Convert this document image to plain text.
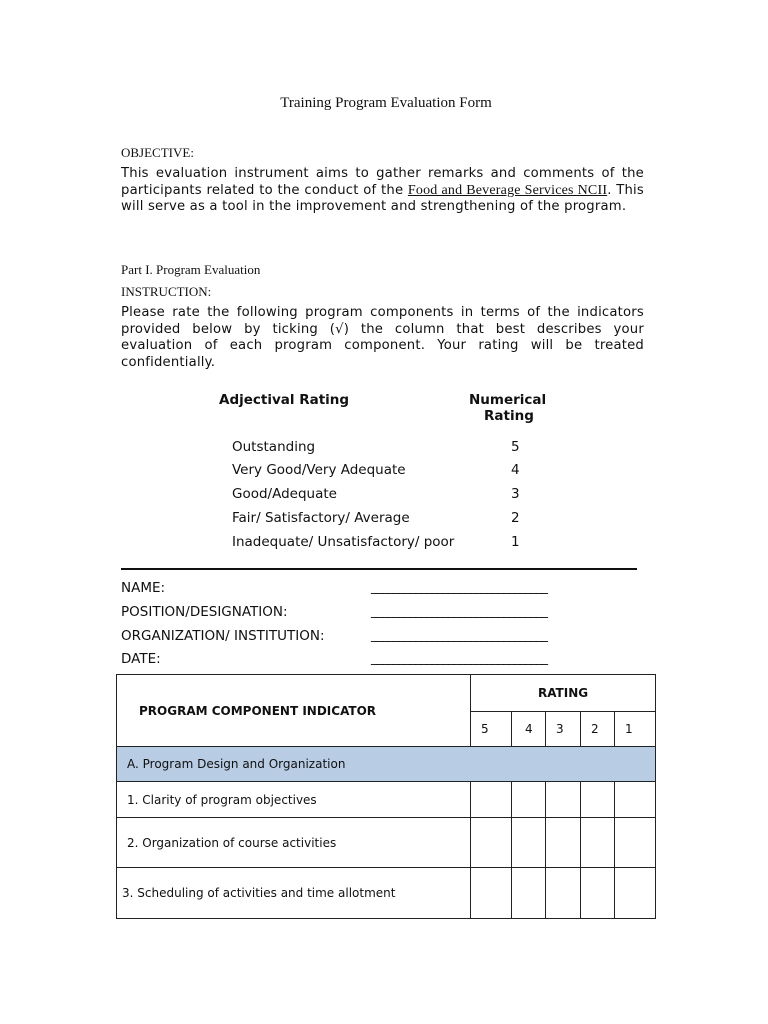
Training Program Evaluation Form
OBJECTIVE:
This evaluation instrument aims to gather remarks and comments of the participants related to the conduct of the Food and Beverage Services NCII. This will serve as a tool in the improvement and strengthening of the program.
Part I. Program Evaluation
INSTRUCTION:
Please rate the following program components in terms of the indicators provided below by ticking (√) the column that best describes your evaluation of each program component. Your rating will be treated confidentially.
Adjectival Rating	Numerical
Rating
Outstanding	5
Very Good/Very Adequate	4
Good/Adequate	3
Fair/ Satisfactory/ Average	2
Inadequate/ Unsatisfactory/ poor	1
NAME:	________________________________
POSITION/DESIGNATION:	________________________________
ORGANIZATION/ INSTITUTION:	________________________________
DATE:	________________________________
PROGRAM COMPONENT INDICATOR	RATING				
	5	4	3	2	1
A. Program Design and Organization					
1. Clarity of program objectives					
2. Organization of course activities					
3. Scheduling of activities and time allotment					
